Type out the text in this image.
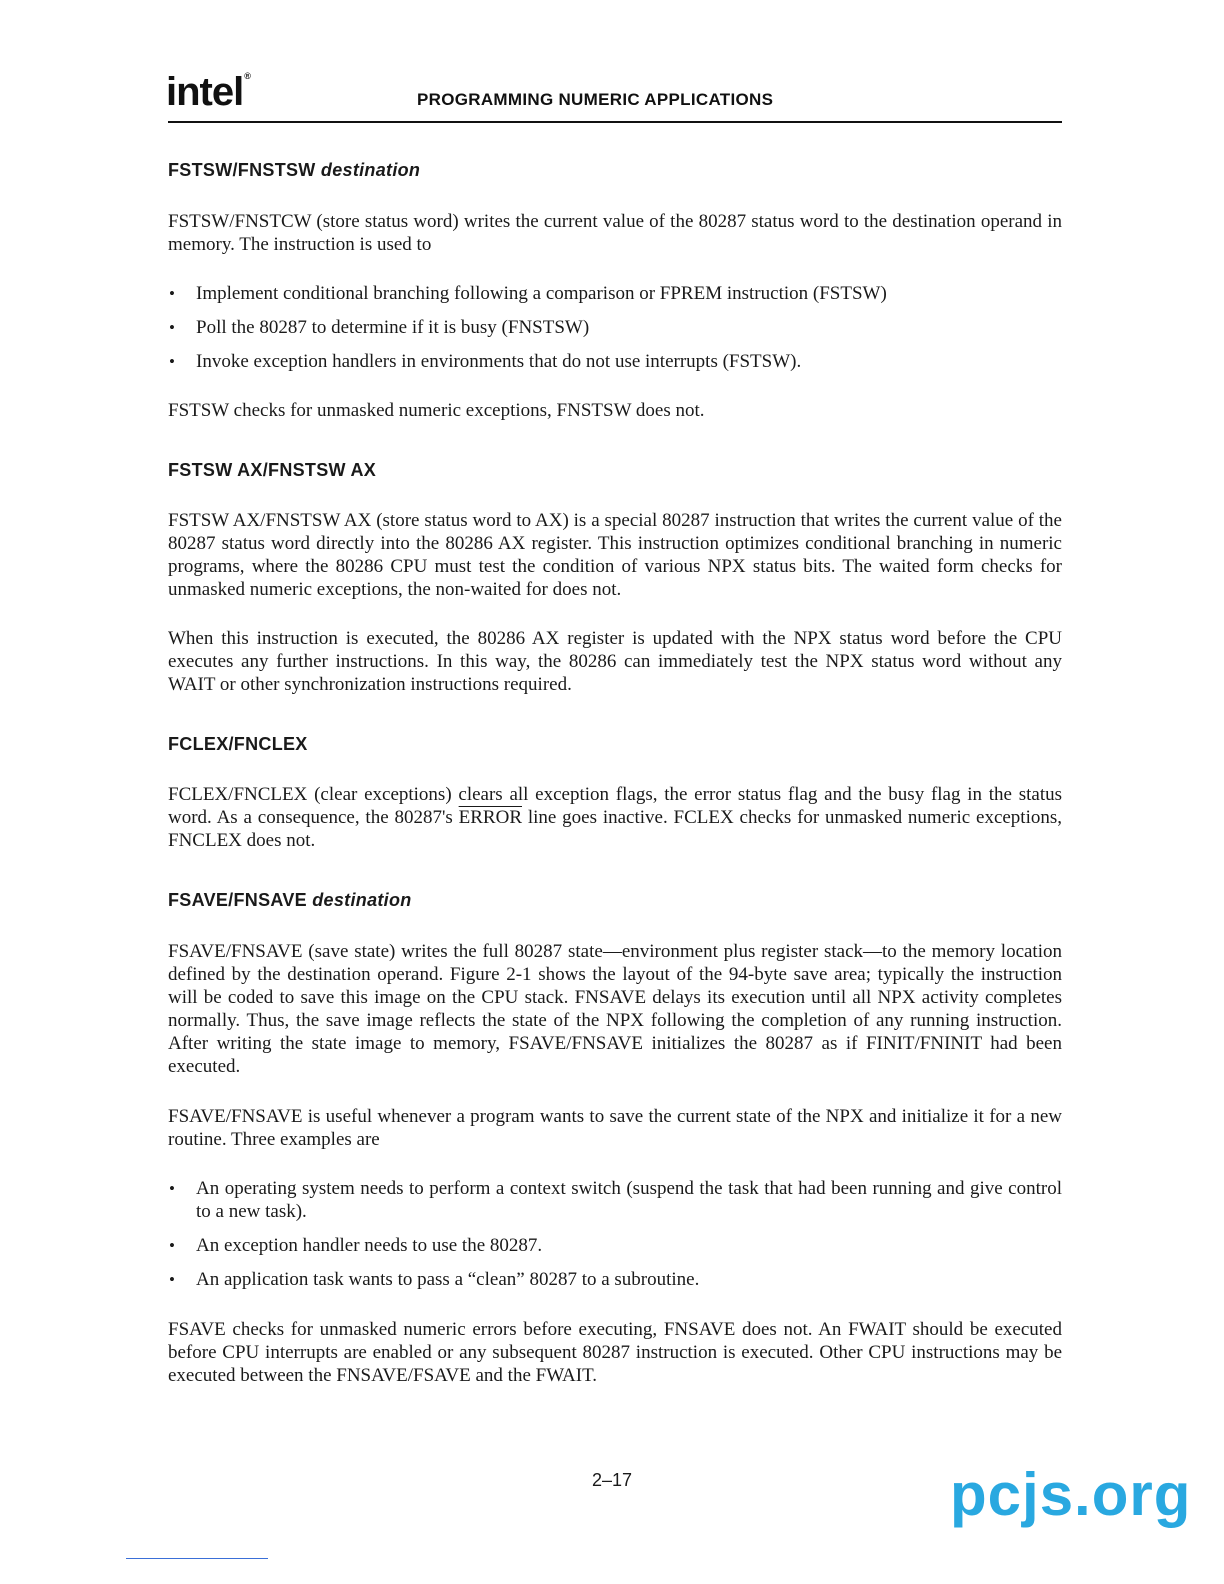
intel®
PROGRAMMING NUMERIC APPLICATIONS
FSTSW/FNSTSW destination

FSTSW/FNSTCW (store status word) writes the current value of the 80287 status word to the destination operand in memory. The instruction is used to

• Implement conditional branching following a comparison or FPREM instruction (FSTSW)
• Poll the 80287 to determine if it is busy (FNSTSW)
• Invoke exception handlers in environments that do not use interrupts (FSTSW).

FSTSW checks for unmasked numeric exceptions, FNSTSW does not.

FSTSW AX/FNSTSW AX

FSTSW AX/FNSTSW AX (store status word to AX) is a special 80287 instruction that writes the current value of the 80287 status word directly into the 80286 AX register. This instruction optimizes conditional branching in numeric programs, where the 80286 CPU must test the condition of various NPX status bits. The waited form checks for unmasked numeric exceptions, the non-waited for does not.

When this instruction is executed, the 80286 AX register is updated with the NPX status word before the CPU executes any further instructions. In this way, the 80286 can immediately test the NPX status word without any WAIT or other synchronization instructions required.

FCLEX/FNCLEX

FCLEX/FNCLEX (clear exceptions) clears all exception flags, the error status flag and the busy flag in the status word. As a consequence, the 80287's ERROR line goes inactive. FCLEX checks for unmasked numeric exceptions, FNCLEX does not.

FSAVE/FNSAVE destination

FSAVE/FNSAVE (save state) writes the full 80287 state—environment plus register stack—to the memory location defined by the destination operand. Figure 2-1 shows the layout of the 94-byte save area; typically the instruction will be coded to save this image on the CPU stack. FNSAVE delays its execution until all NPX activity completes normally. Thus, the save image reflects the state of the NPX following the completion of any running instruction. After writing the state image to memory, FSAVE/FNSAVE initializes the 80287 as if FINIT/FNINIT had been executed.

FSAVE/FNSAVE is useful whenever a program wants to save the current state of the NPX and initialize it for a new routine. Three examples are

• An operating system needs to perform a context switch (suspend the task that had been running and give control to a new task).
• An exception handler needs to use the 80287.
• An application task wants to pass a “clean” 80287 to a subroutine.

FSAVE checks for unmasked numeric errors before executing, FNSAVE does not. An FWAIT should be executed before CPU interrupts are enabled or any subsequent 80287 instruction is executed. Other CPU instructions may be executed between the FNSAVE/FSAVE and the FWAIT.

2–17	pcjs.org
